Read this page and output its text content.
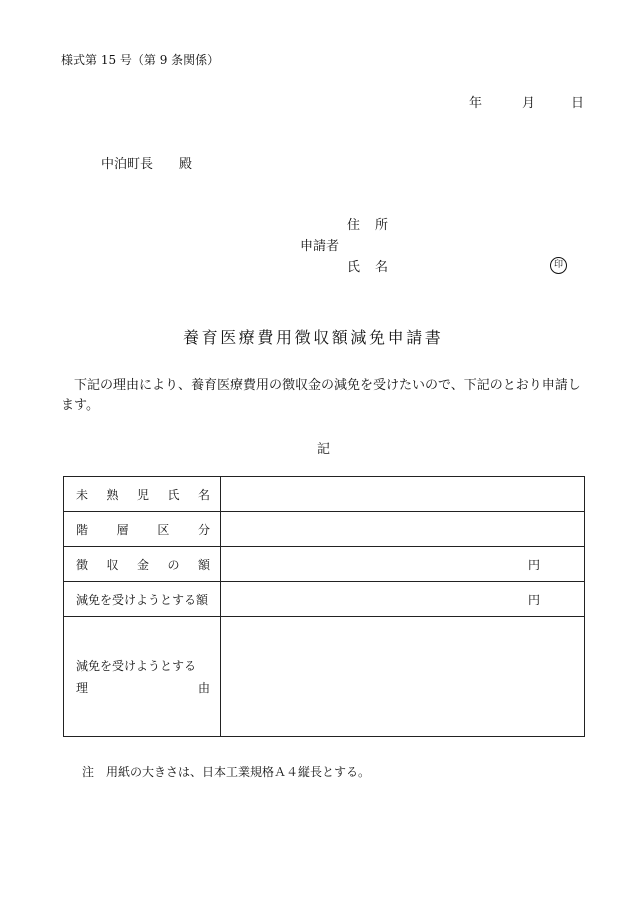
様式第 15 号（第 9 条関係）
年	月	日
中泊町長　　殿
住 所
申請者
氏 名	印
養育医療費用徴収額減免申請書
　下記の理由により、養育医療費用の徴収金の減免を受けたいので、下記のとおり申請します。
記
未 熟 児 氏 名	

階 層 区 分	

徴 収 金 の 額	円

減免を受けようとする額	円

減免を受けようとする
理 由	

注　用紙の大きさは、日本工業規格Ａ４縦長とする。
